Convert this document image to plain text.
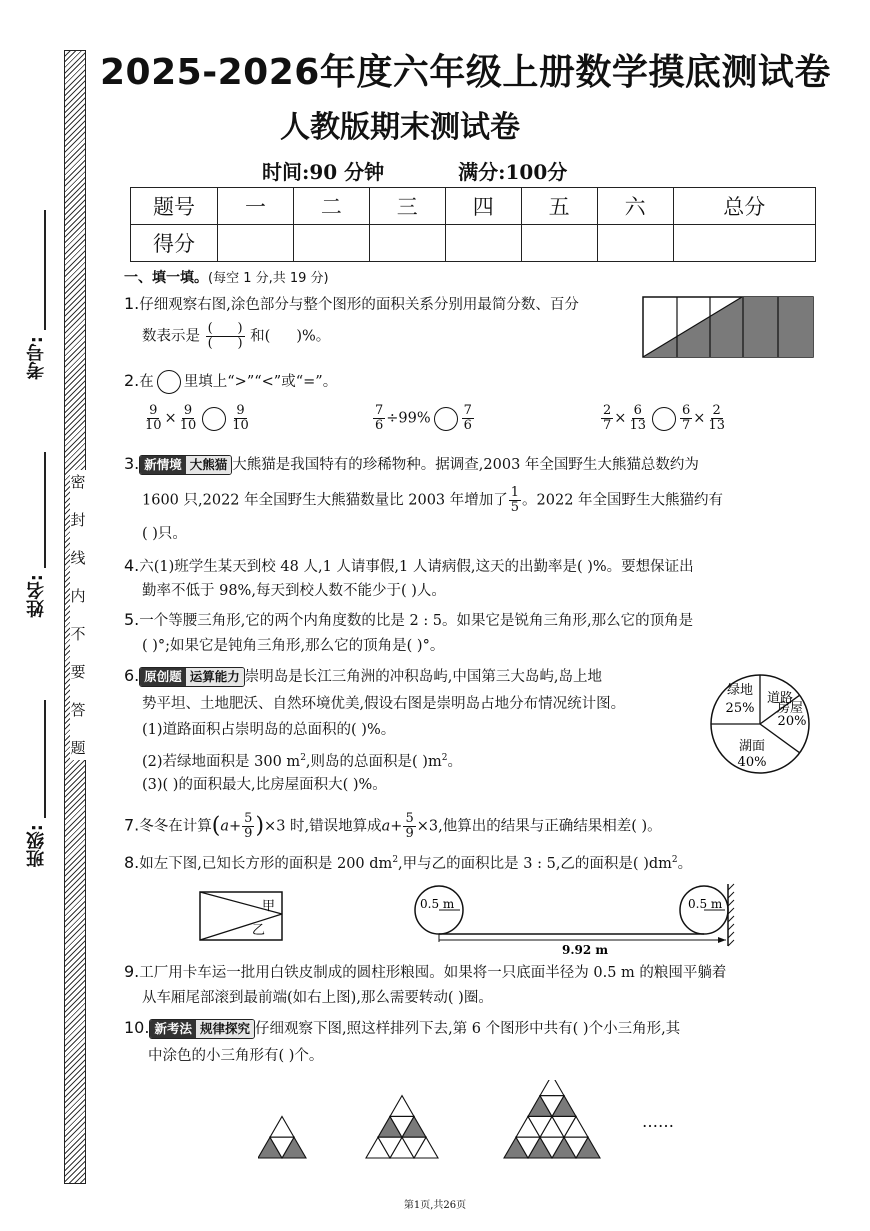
密
封
线
内
不
要
答
题
考号:
姓名:
班级:
2025-2026年度六年级上册数学摸底测试卷
人教版期末测试卷
时间:90 分钟	满分:100分
题号	一	二	三	四	五	六	总分
得分							
一、填一填。(每空 1 分,共 19 分)
1.仔细观察右图,涂色部分与整个图形的面积关系分别用最简分数、百分
数表示是 $\frac{( )}{( )}$ 和( )%。
2.在 里填上“>”“<”或“=”。
$\frac{9}{10} \times \frac{9}{10} \frac{9}{10}$	$\frac{7}{6} \div 99\% \frac{7}{6}$	$\frac{2}{7} \times \frac{6}{13} \frac{6}{7} \times \frac{2}{13}$
3. 新情境 大熊猫 大熊猫是我国特有的珍稀物种。据调查,2003 年全国野生大熊猫总数约为
1600 只,2022 年全国野生大熊猫数量比 2003 年增加了 $\frac{1}{5}$ 。2022 年全国野生大熊猫约有
( )只。
4.六(1)班学生某天到校 48 人,1 人请事假,1 人请病假,这天的出勤率是( )%。要想保证出
勤率不低于 98%,每天到校人数不能少于( )人。
5.一个等腰三角形,它的两个内角度数的比是 2 : 5。如果它是锐角三角形,那么它的顶角是
( )°;如果它是钝角三角形,那么它的顶角是( )°。
6. 原创题 运算能力 崇明岛是长江三角洲的冲积岛屿,中国第三大岛屿,岛上地
势平坦、土地肥沃、自然环境优美,假设右图是崇明岛占地分布情况统计图。
(1)道路面积占崇明岛的总面积的( )%。
(2)若绿地面积是 300 $m^2$,则岛的总面积是( )$m^2$。
(3)( )的面积最大,比房屋面积大( )%。
绿地
25%
道路
房屋
20%
湖面
40%
7.冬冬在计算$(a+ \frac{5}{9} )\times 3$ 时,错误地算成$a+ \frac{5}{9} \times 3$,他算出的结果与正确结果相差( )。
8.如左下图,已知长方形的面积是 200 $dm^2$,甲与乙的面积比是 3 : 5,乙的面积是( )$dm^2$。
甲
乙
0.5 m	0.5 m
9.92 m
9.工厂用卡车运一批用白铁皮制成的圆柱形粮囤。如果将一只底面半径为 0.5 m 的粮囤平躺着
从车厢尾部滚到最前端(如右上图),那么需要转动( )圈。
10. 新考法 规律探究 仔细观察下图,照这样排列下去,第 6 个图形中共有( )个小三角形,其
中涂色的小三角形有( )个。
……
第1页,共26页
